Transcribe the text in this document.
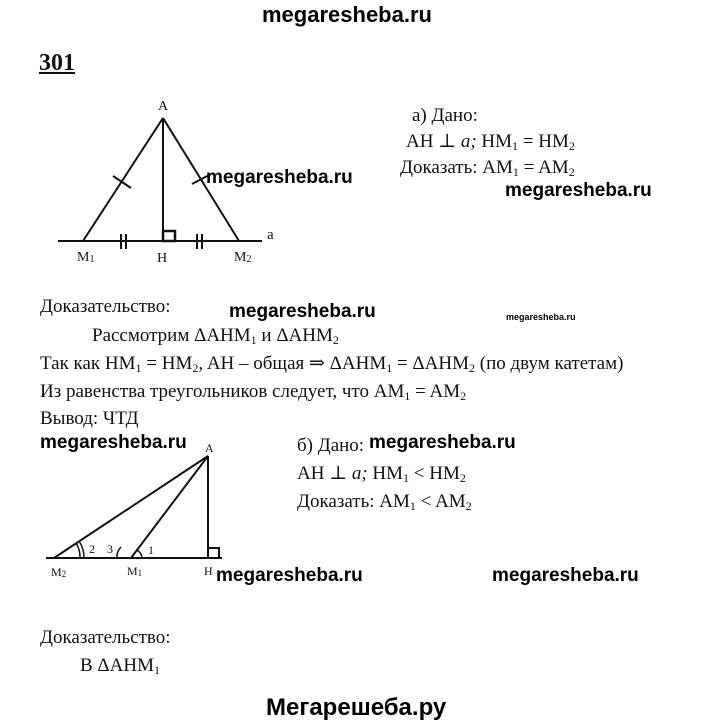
megaresheba.ru
megaresheba.ru
megaresheba.ru
megaresheba.ru	megaresheba.ru
megaresheba.ru	megaresheba.ru
megaresheba.ru	megaresheba.ru
Мегарешеба.ру
301
A
M1	H	M2
a
A
M2	M1	H
1
2 3
а) Дано:
AH ⊥ a; $HM_1 = HM_2$
Доказать: $AM_1 = AM_2$
Доказательство:
Рассмотрим $\Delta AHM_1$ и $\Delta AHM_2$
Так как $HM_1 = HM_2$, AH – общая ⇒ $\Delta AHM_1 = \Delta AHM_2$ (по двум катетам)
Из равенства треугольников следует, что $AM_1 = AM_2$
Вывод: ЧТД
б) Дано:
AH ⊥ a; $HM_1 < HM_2$
Доказать: $AM_1 < AM_2$
Доказательство:
В $\Delta AHM_1$
